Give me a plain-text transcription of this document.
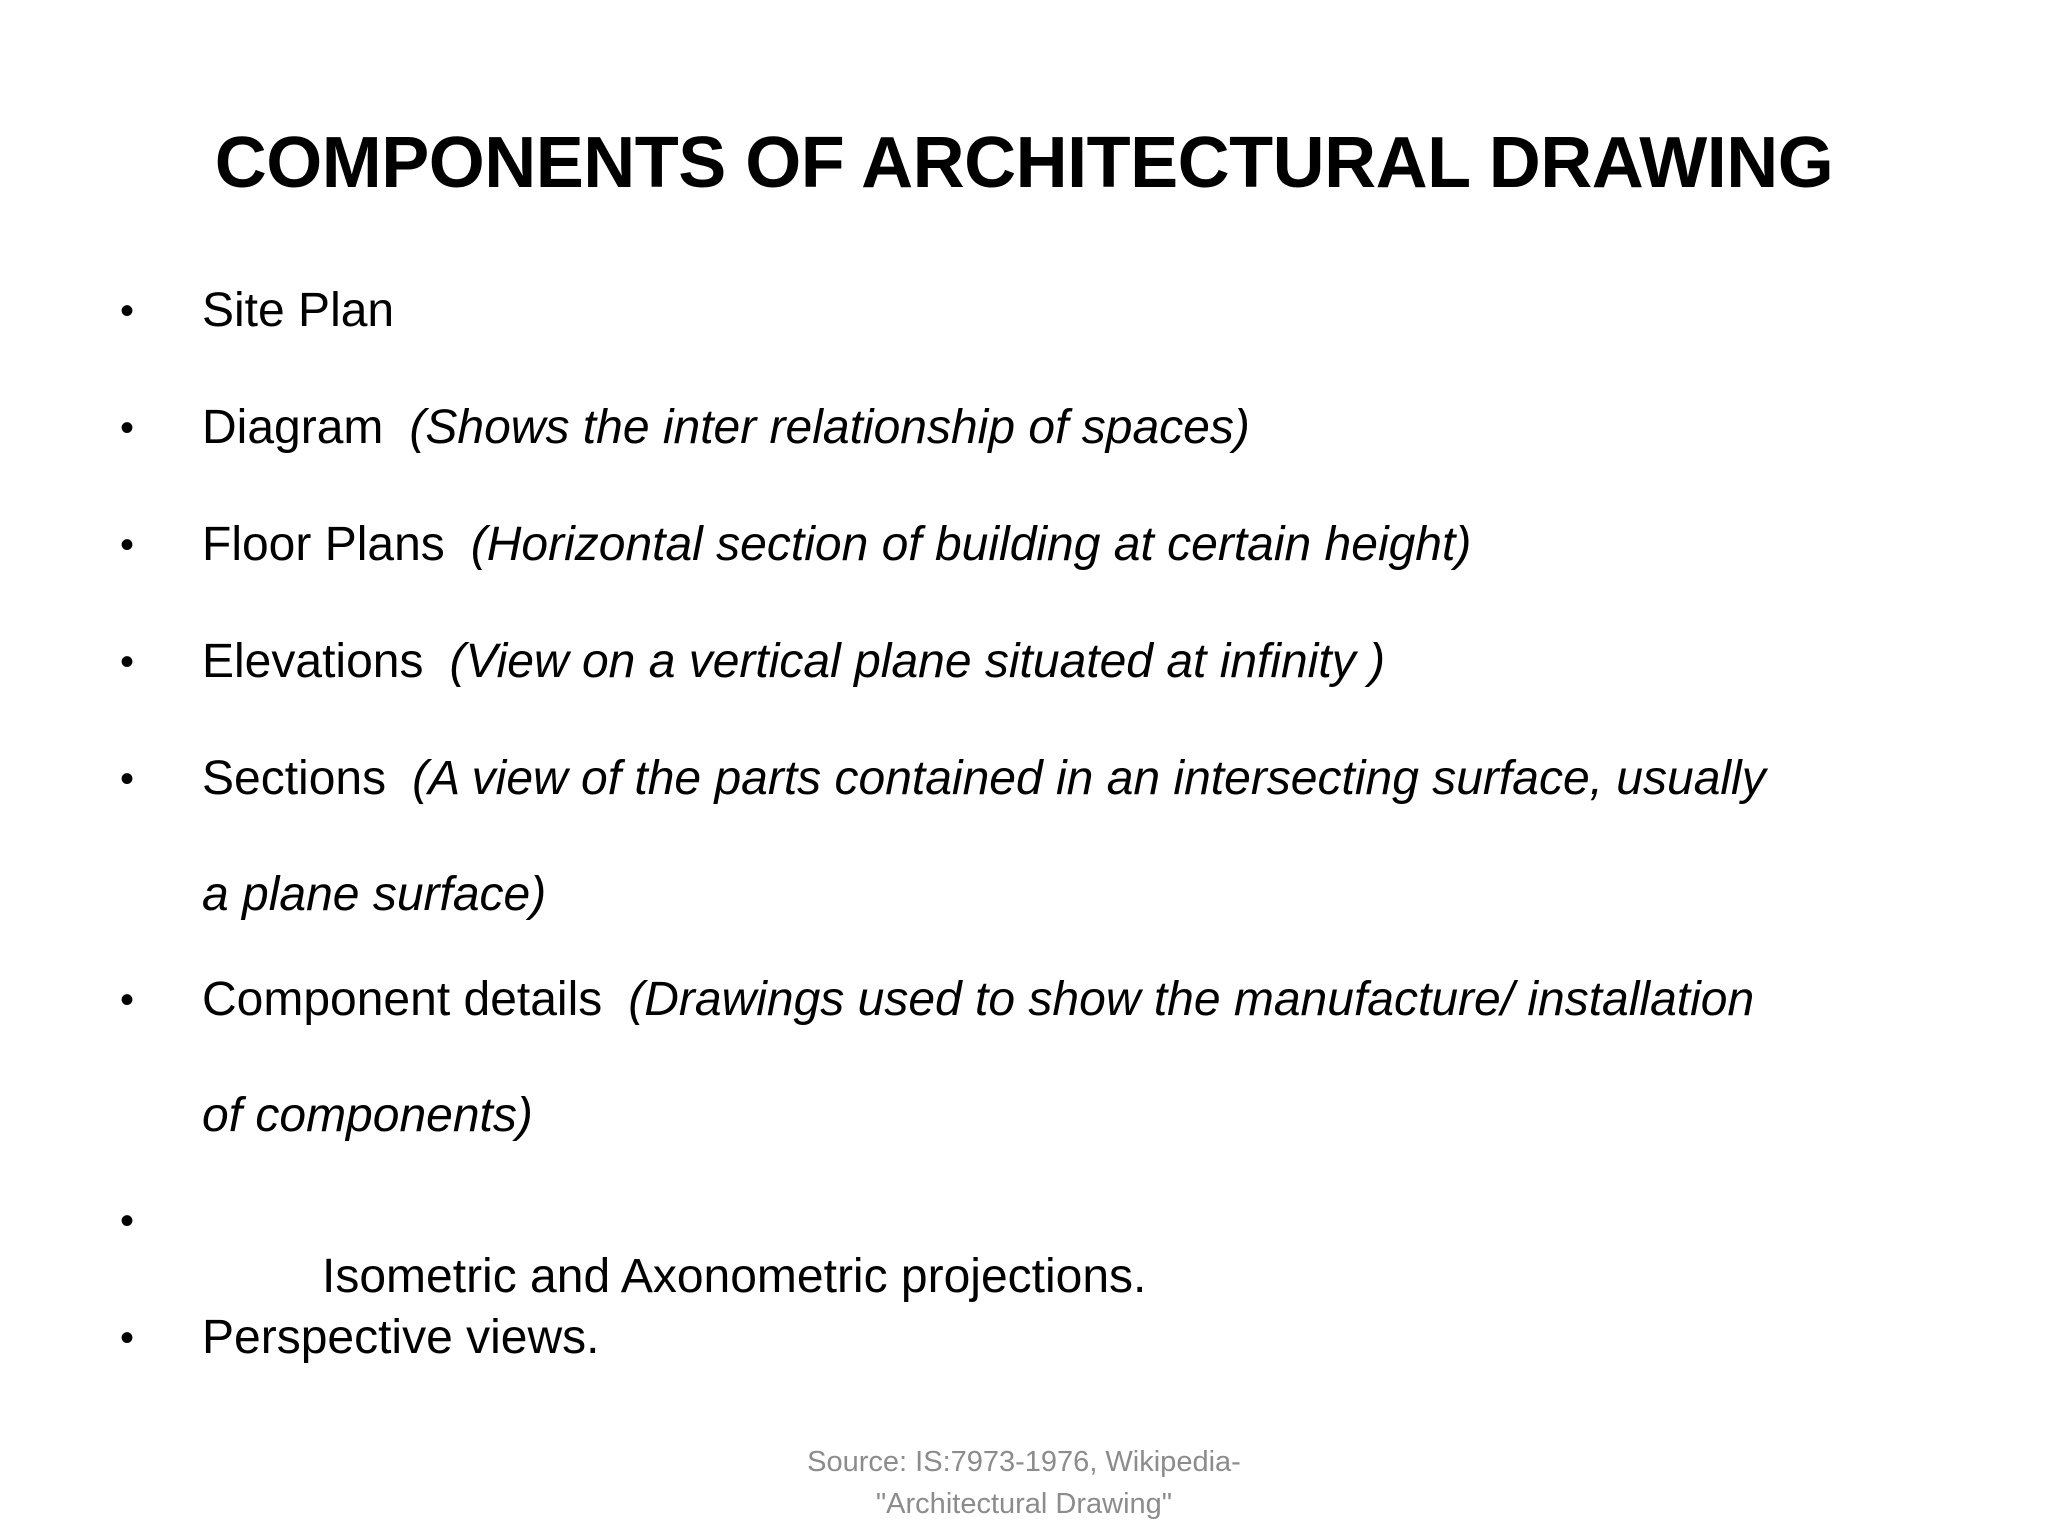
COMPONENTS OF ARCHITECTURAL DRAWING
•	Site Plan
•	Diagram (Shows the inter relationship of spaces)
•	Floor Plans (Horizontal section of building at certain height)
•	Elevations (View on a vertical plane situated at infinity )
•	Sections (A view of the parts contained in an intersecting surface, usually
a plane surface)
•	Component details (Drawings used to show the manufacture/ installation
of components)
•

Isometric and Axonometric projections.

•	Perspective views.
Source: IS:7973-1976, Wikipedia-
"Architectural Drawing"
